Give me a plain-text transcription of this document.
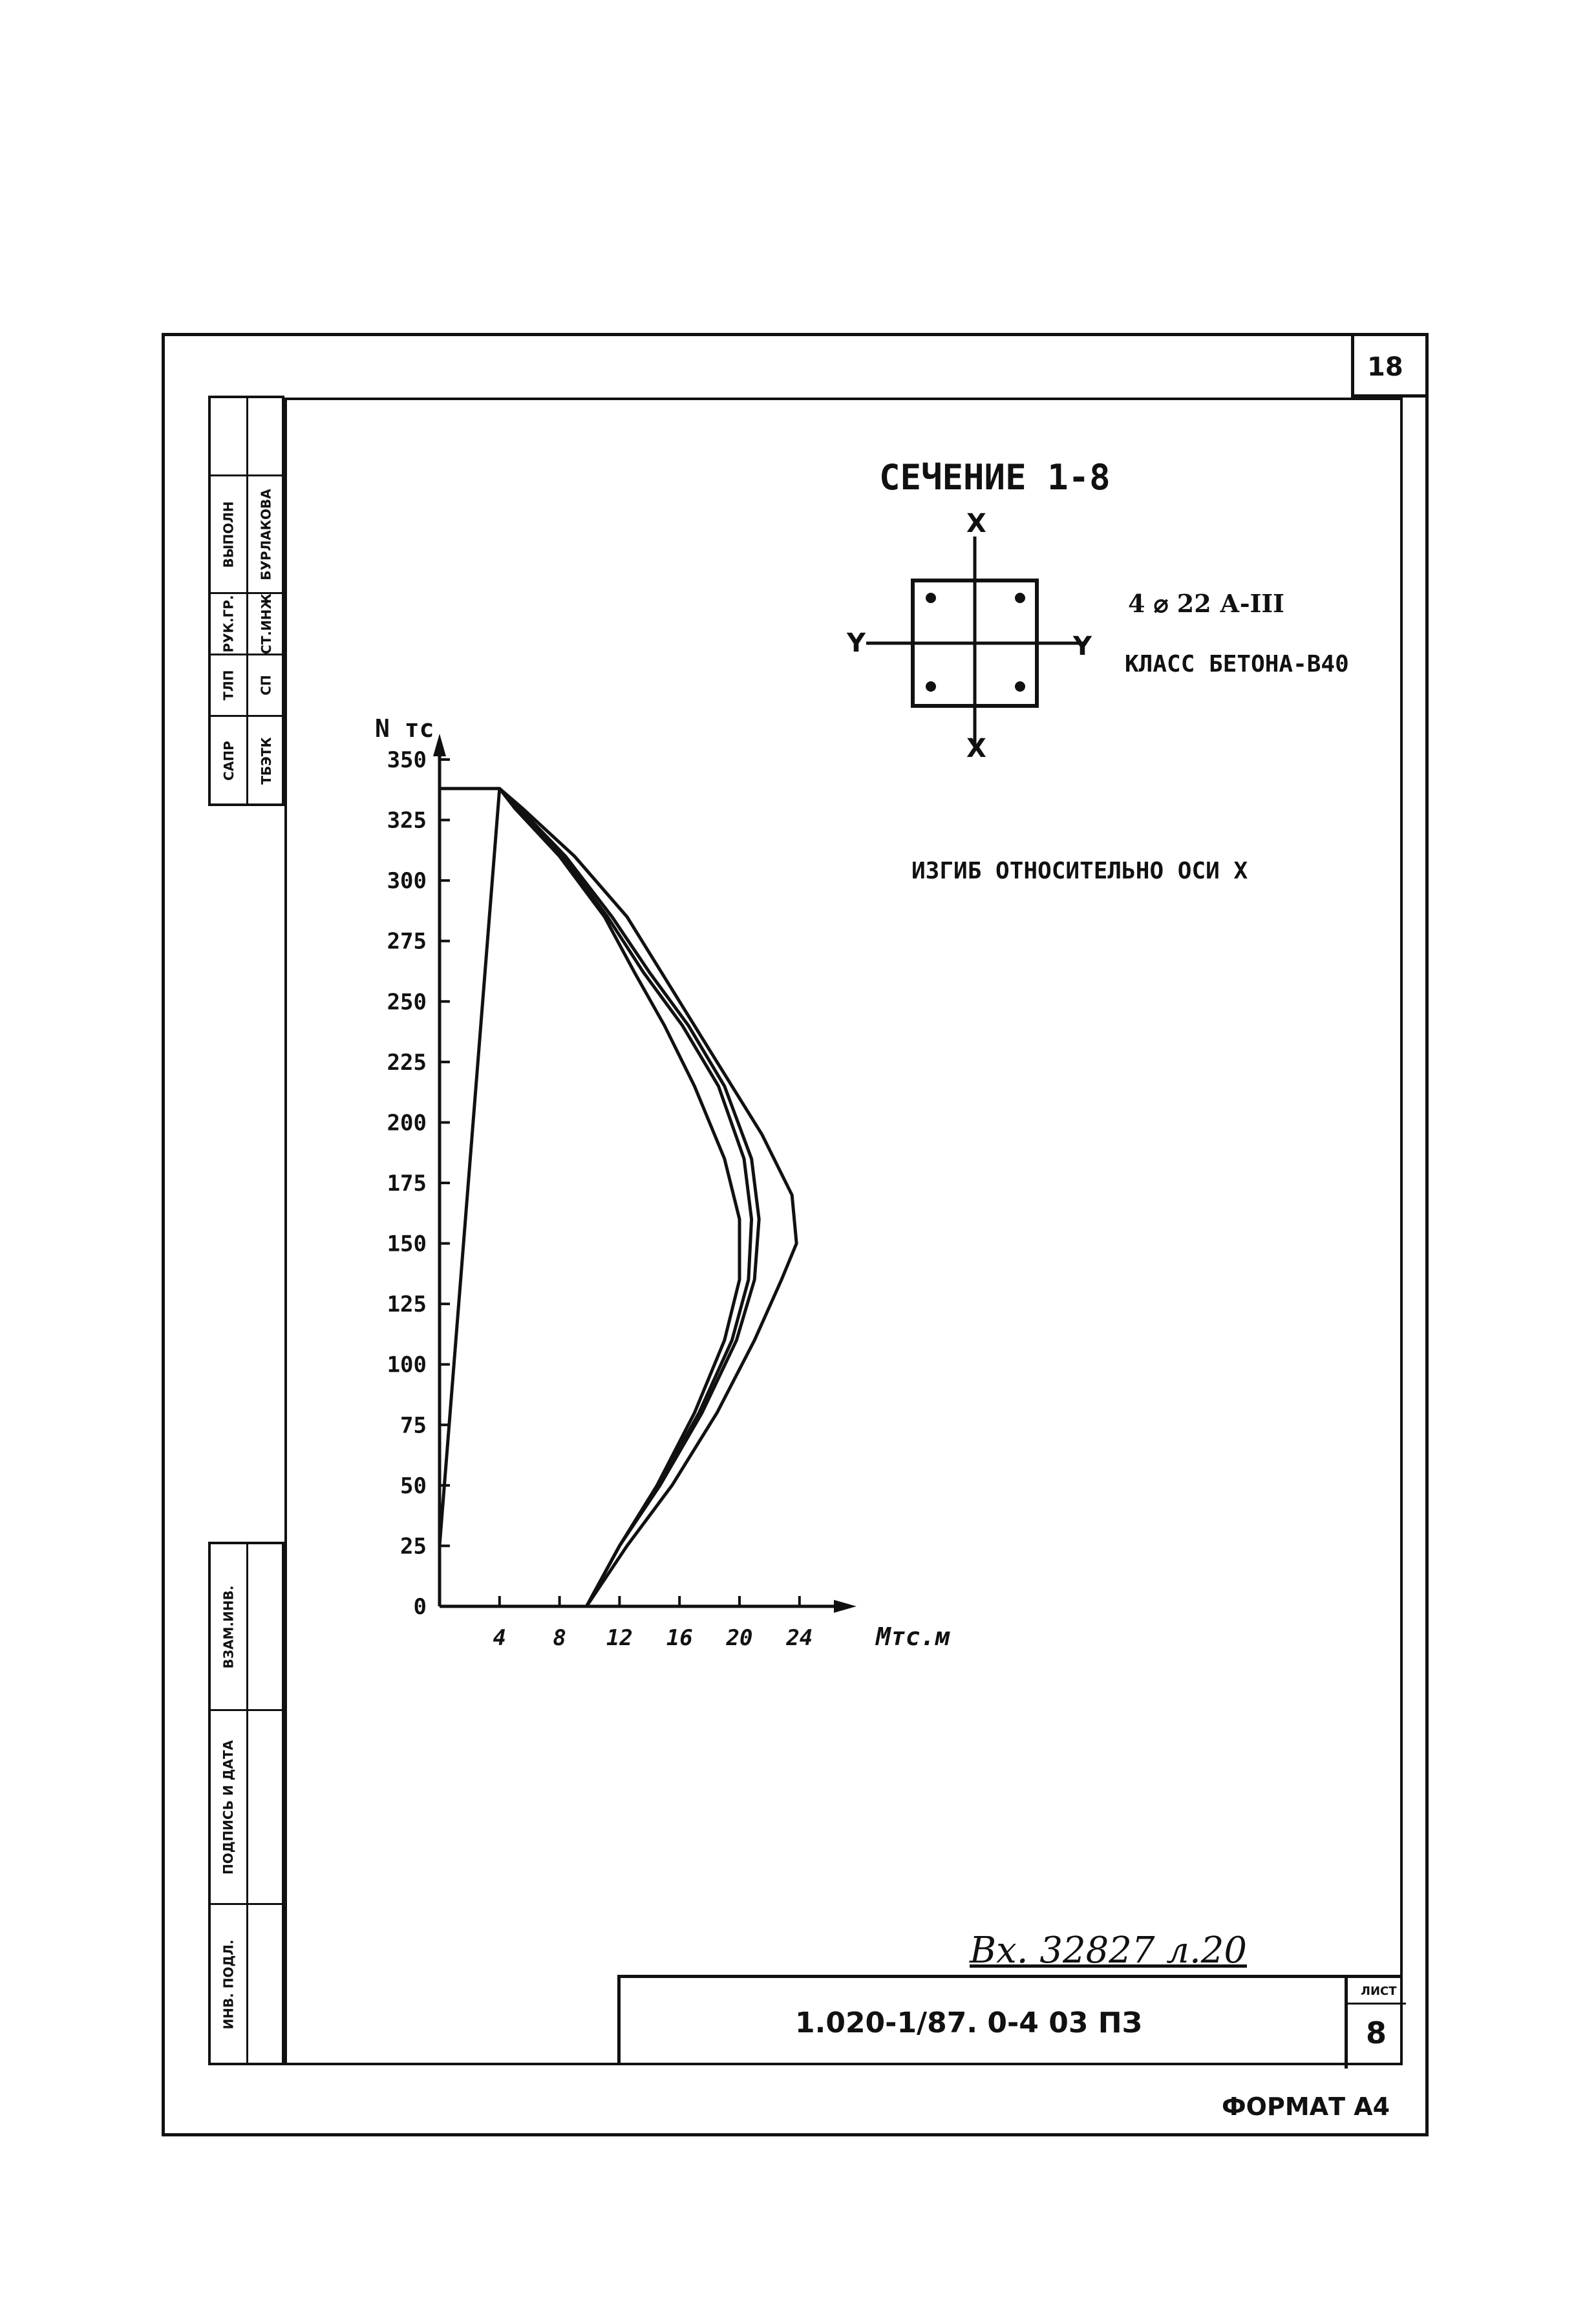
18
ВЫПОЛН БУРЛАКОВА
РУК.ГР. СТ.ИНЖ
ТЛП СП
САПР ТБЭТК
ВЗАМ.ИНВ.
ПОДПИСЬ И ДАТА
ИНВ. ПОДЛ.
СЕЧЕНИЕ 1-8
X
X
Y	Y
4 ⌀ 22 А-III
КЛАСС БЕТОНА-В40
ИЗГИБ ОТНОСИТЕЛЬНО ОСИ X
0
25
50
75
100
125
150
175
200
225
250
275
300
325
350
4 8 12 16 20 24
N тс
Мтс.м
Вх. 32827 л.20
1.020-1/87. 0-4 03 ПЗ
ЛИСТ
8
ФОРМАТ А4
